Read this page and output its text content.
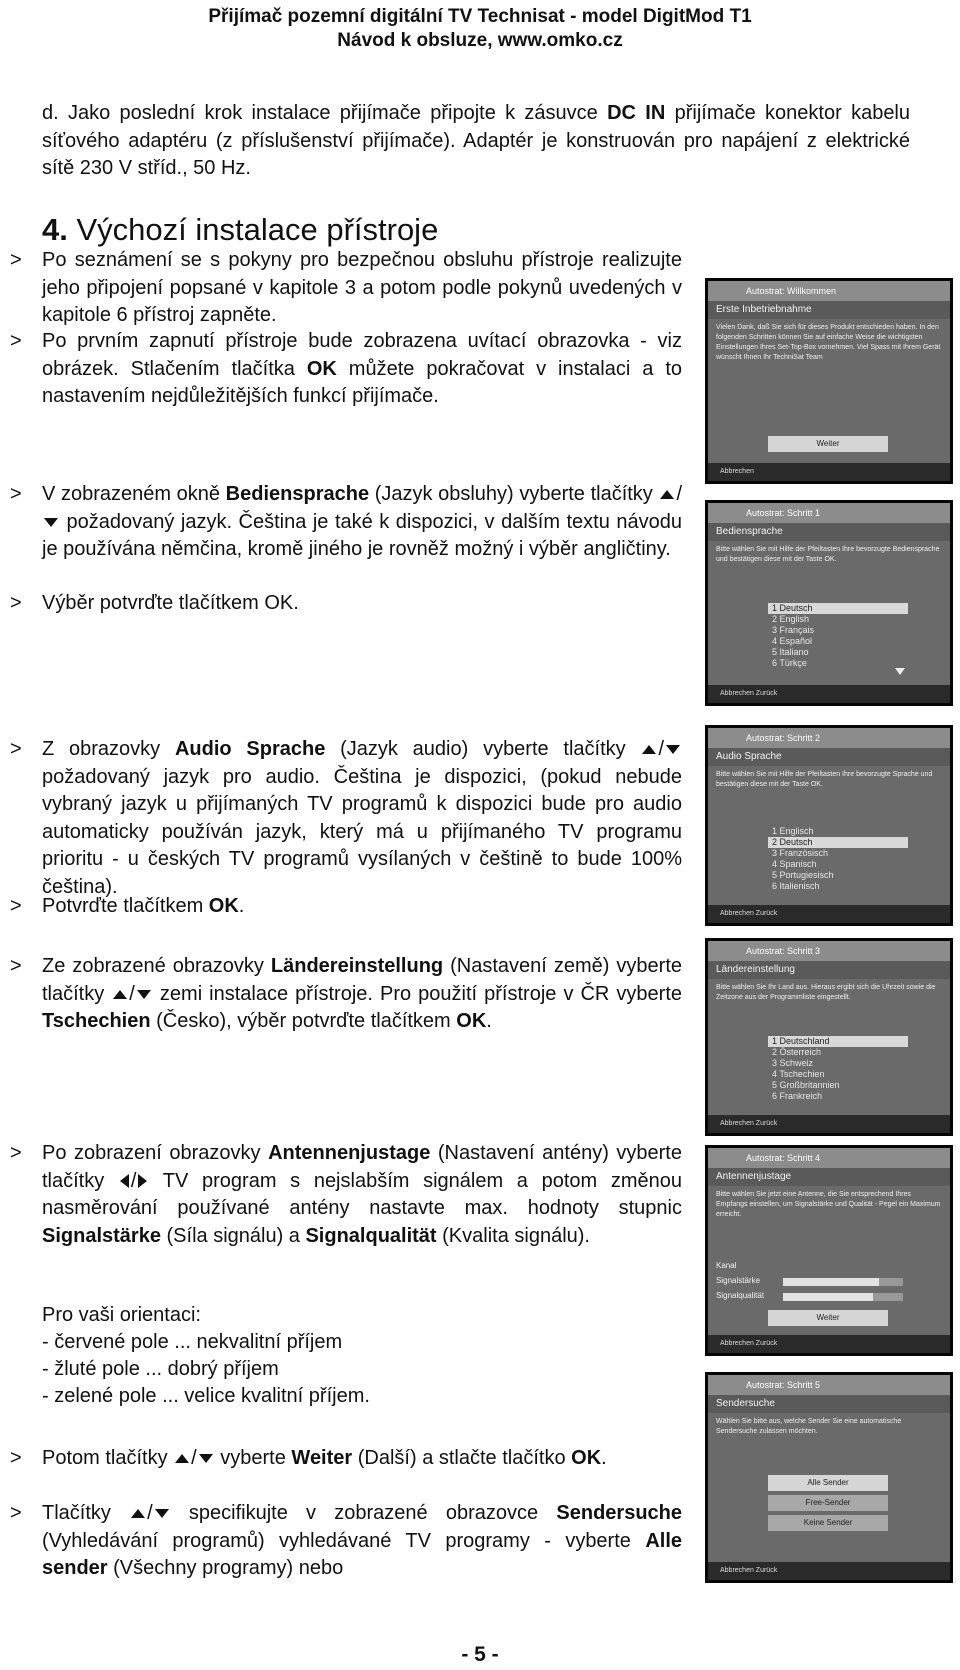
Přijímač pozemní digitální TV Technisat - model DigitMod T1
Návod k obsluze, www.omko.cz
d. Jako poslední krok instalace přijímače připojte k zásuvce DC IN přijímače konektor kabelu síťového adaptéru (z příslušenství přijímače). Adaptér je konstruován pro napájení z elektrické sítě 230 V stříd., 50 Hz.
4. Výchozí instalace přístroje
> Po seznámení se s pokyny pro bezpečnou obsluhu přístroje realizujte jeho připojení popsané v kapitole 3 a potom podle pokynů uvedených v kapitole 6 přístroj zapněte.
> Po prvním zapnutí přístroje bude zobrazena uvítací obrazovka - viz obrázek. Stlačením tlačítka OK můžete pokračovat v instalaci a to nastavením nejdůležitějších funkcí přijímače.
> V zobrazeném okně Bediensprache (Jazyk obsluhy) vyberte tlačítky / požadovaný jazyk. Čeština je také k dispozici, v dalším textu návodu je používána němčina, kromě jiného je rovněž možný i výběr angličtiny.
> Výběr potvrďte tlačítkem OK.
> Z obrazovky Audio Sprache (Jazyk audio) vyberte tlačítky / požadovaný jazyk pro audio. Čeština je dispozici, (pokud nebude vybraný jazyk u přijímaných TV programů k dispozici bude pro audio automaticky používán jazyk, který má u přijímaného TV programu prioritu - u českých TV programů vysílaných v češtině to bude 100% čeština).
> Potvrďte tlačítkem OK.
> Ze zobrazené obrazovky Ländereinstellung (Nastavení země) vyberte tlačítky / zemi instalace přístroje. Pro použití přístroje v ČR vyberte Tschechien (Česko), výběr potvrďte tlačítkem OK.
> Po zobrazení obrazovky Antennenjustage (Nastavení antény) vyberte tlačítky / TV program s nejslabším signálem a potom změnou nasměrování používané antény nastavte max. hodnoty stupnic Signalstärke (Síla signálu) a Signalqualität (Kvalita signálu).
Pro vaši orientaci:
- červené pole ... nekvalitní příjem
- žluté pole ... dobrý příjem
- zelené pole ... velice kvalitní příjem.
> Potom tlačítky / vyberte Weiter (Další) a stlačte tlačítko OK.
> Tlačítky / specifikujte v zobrazené obrazovce Sendersuche (Vyhledávání programů) vyhledávané TV programy - vyberte Alle sender (Všechny programy) nebo
Autostrat: Willkommen
Erste Inbetriebnahme
Vielen Dank, daß Sie sich für dieses Produkt entschieden haben. In den folgenden Schritten können Sie auf einfache Weise die wichtigsten Einstellungen Ihres Set-Top-Box vornehmen. Viel Spass mit Ihrem Gerät wünscht Ihnen Ihr TechniSat Team
Weiter
Abbrechen
Autostrat: Schritt 1
Bediensprache
Bitte wählen Sie mit Hilfe der Pfeiltasten Ihre bevorzugte Bediensprache und bestätigen diese mit der Taste OK.
1 Deutsch
2 English
3 Français
4 Español
5 Italiano
6 Türkçe
Abbrechen Zurück
Autostrat: Schritt 2
Audio Sprache
Bitte wählen Sie mit Hilfe der Pfeiltasten Ihre bevorzugte Sprache und bestätigen diese mit der Taste OK.
1 Englisch
2 Deutsch
3 Französisch
4 Spanisch
5 Portugiesisch
6 Italienisch
Abbrechen Zurück
Autostrat: Schritt 3
Ländereinstellung
Bitte wählen Sie Ihr Land aus. Hieraus ergibt sich die Uhrzeit sowie die Zeitzone aus der Programmliste eingestellt.
1 Deutschland
2 Österreich
3 Schweiz
4 Tschechien
5 Großbritannien
6 Frankreich
Abbrechen Zurück
Autostrat: Schritt 4
Antennenjustage
Bitte wählen Sie jetzt eine Antenne, die Sie entsprechend Ihres Empfangs einstellen, um Signalstärke und Qualität - Pegel ein Maximum erreicht.
Kanal
Signalstärke
Signalqualität
Weiter
Abbrechen Zurück
Autostrat: Schritt 5
Sendersuche
Wählen Sie bitte aus, welche Sender Sie eine automatische Sendersuche zulassen möchten.
Alle Sender
Free-Sender
Keine Sender
Abbrechen Zurück
- 5 -
